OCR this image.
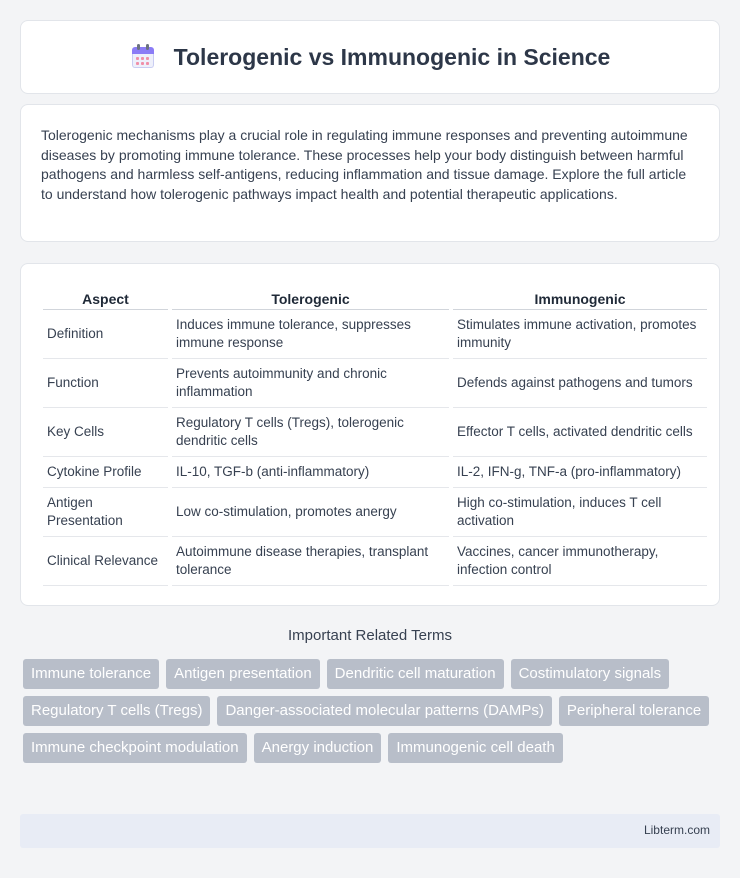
Tolerogenic vs Immunogenic in Science

Tolerogenic mechanisms play a crucial role in regulating immune responses and preventing autoimmune diseases by promoting immune tolerance. These processes help your body distinguish between harmful pathogens and harmless self-antigens, reducing inflammation and tissue damage. Explore the full article to understand how tolerogenic pathways impact health and potential therapeutic applications.

Aspect	Tolerogenic	Immunogenic
Definition	Induces immune tolerance, suppresses immune response	Stimulates immune activation, promotes immunity
Function	Prevents autoimmunity and chronic inflammation	Defends against pathogens and tumors
Key Cells	Regulatory T cells (Tregs), tolerogenic dendritic cells	Effector T cells, activated dendritic cells
Cytokine Profile	IL-10, TGF-b (anti-inflammatory)	IL-2, IFN-g, TNF-a (pro-inflammatory)
Antigen Presentation	Low co-stimulation, promotes anergy	High co-stimulation, induces T cell activation
Clinical Relevance	Autoimmune disease therapies, transplant tolerance	Vaccines, cancer immunotherapy, infection control
Important Related Terms
Immune tolerance	Antigen presentation	Dendritic cell maturation	Costimulatory signals
Regulatory T cells (Tregs)	Danger-associated molecular patterns (DAMPs)	Peripheral tolerance
Immune checkpoint modulation	Anergy induction	Immunogenic cell death
Libterm.com
